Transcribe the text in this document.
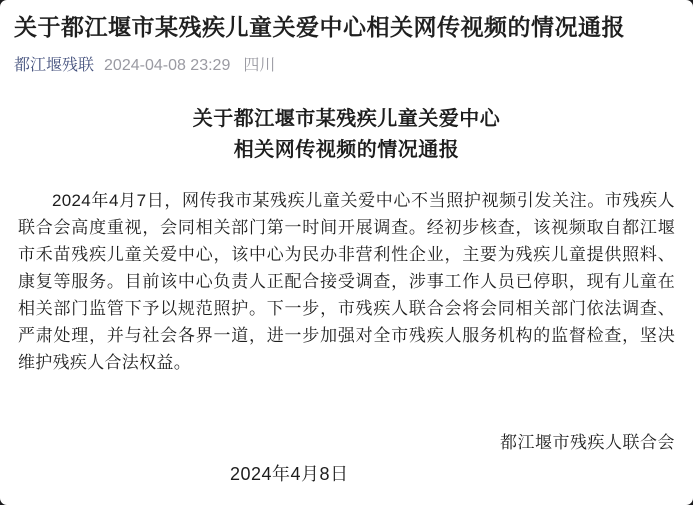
关于都江堰市某残疾儿童关爱中心相关网传视频的情况通报
都江堰残联 2024-04-08 23:29 四川
关于都江堰市某残疾儿童关爱中心
相关网传视频的情况通报

2024年4月7日，网传我市某残疾儿童关爱中心不当照护视频引发关注。市残疾人联合会高度重视，会同相关部门第一时间开展调查。经初步核查，该视频取自都江堰市禾苗残疾儿童关爱中心，该中心为民办非营利性企业，主要为残疾儿童提供照料、康复等服务。目前该中心负责人正配合接受调查，涉事工作人员已停职，现有儿童在相关部门监管下予以规范照护。下一步，市残疾人联合会将会同相关部门依法调查、严肃处理，并与社会各界一道，进一步加强对全市残疾人服务机构的监督检查，坚决维护残疾人合法权益。

都江堰市残疾人联合会
2024年4月8日
